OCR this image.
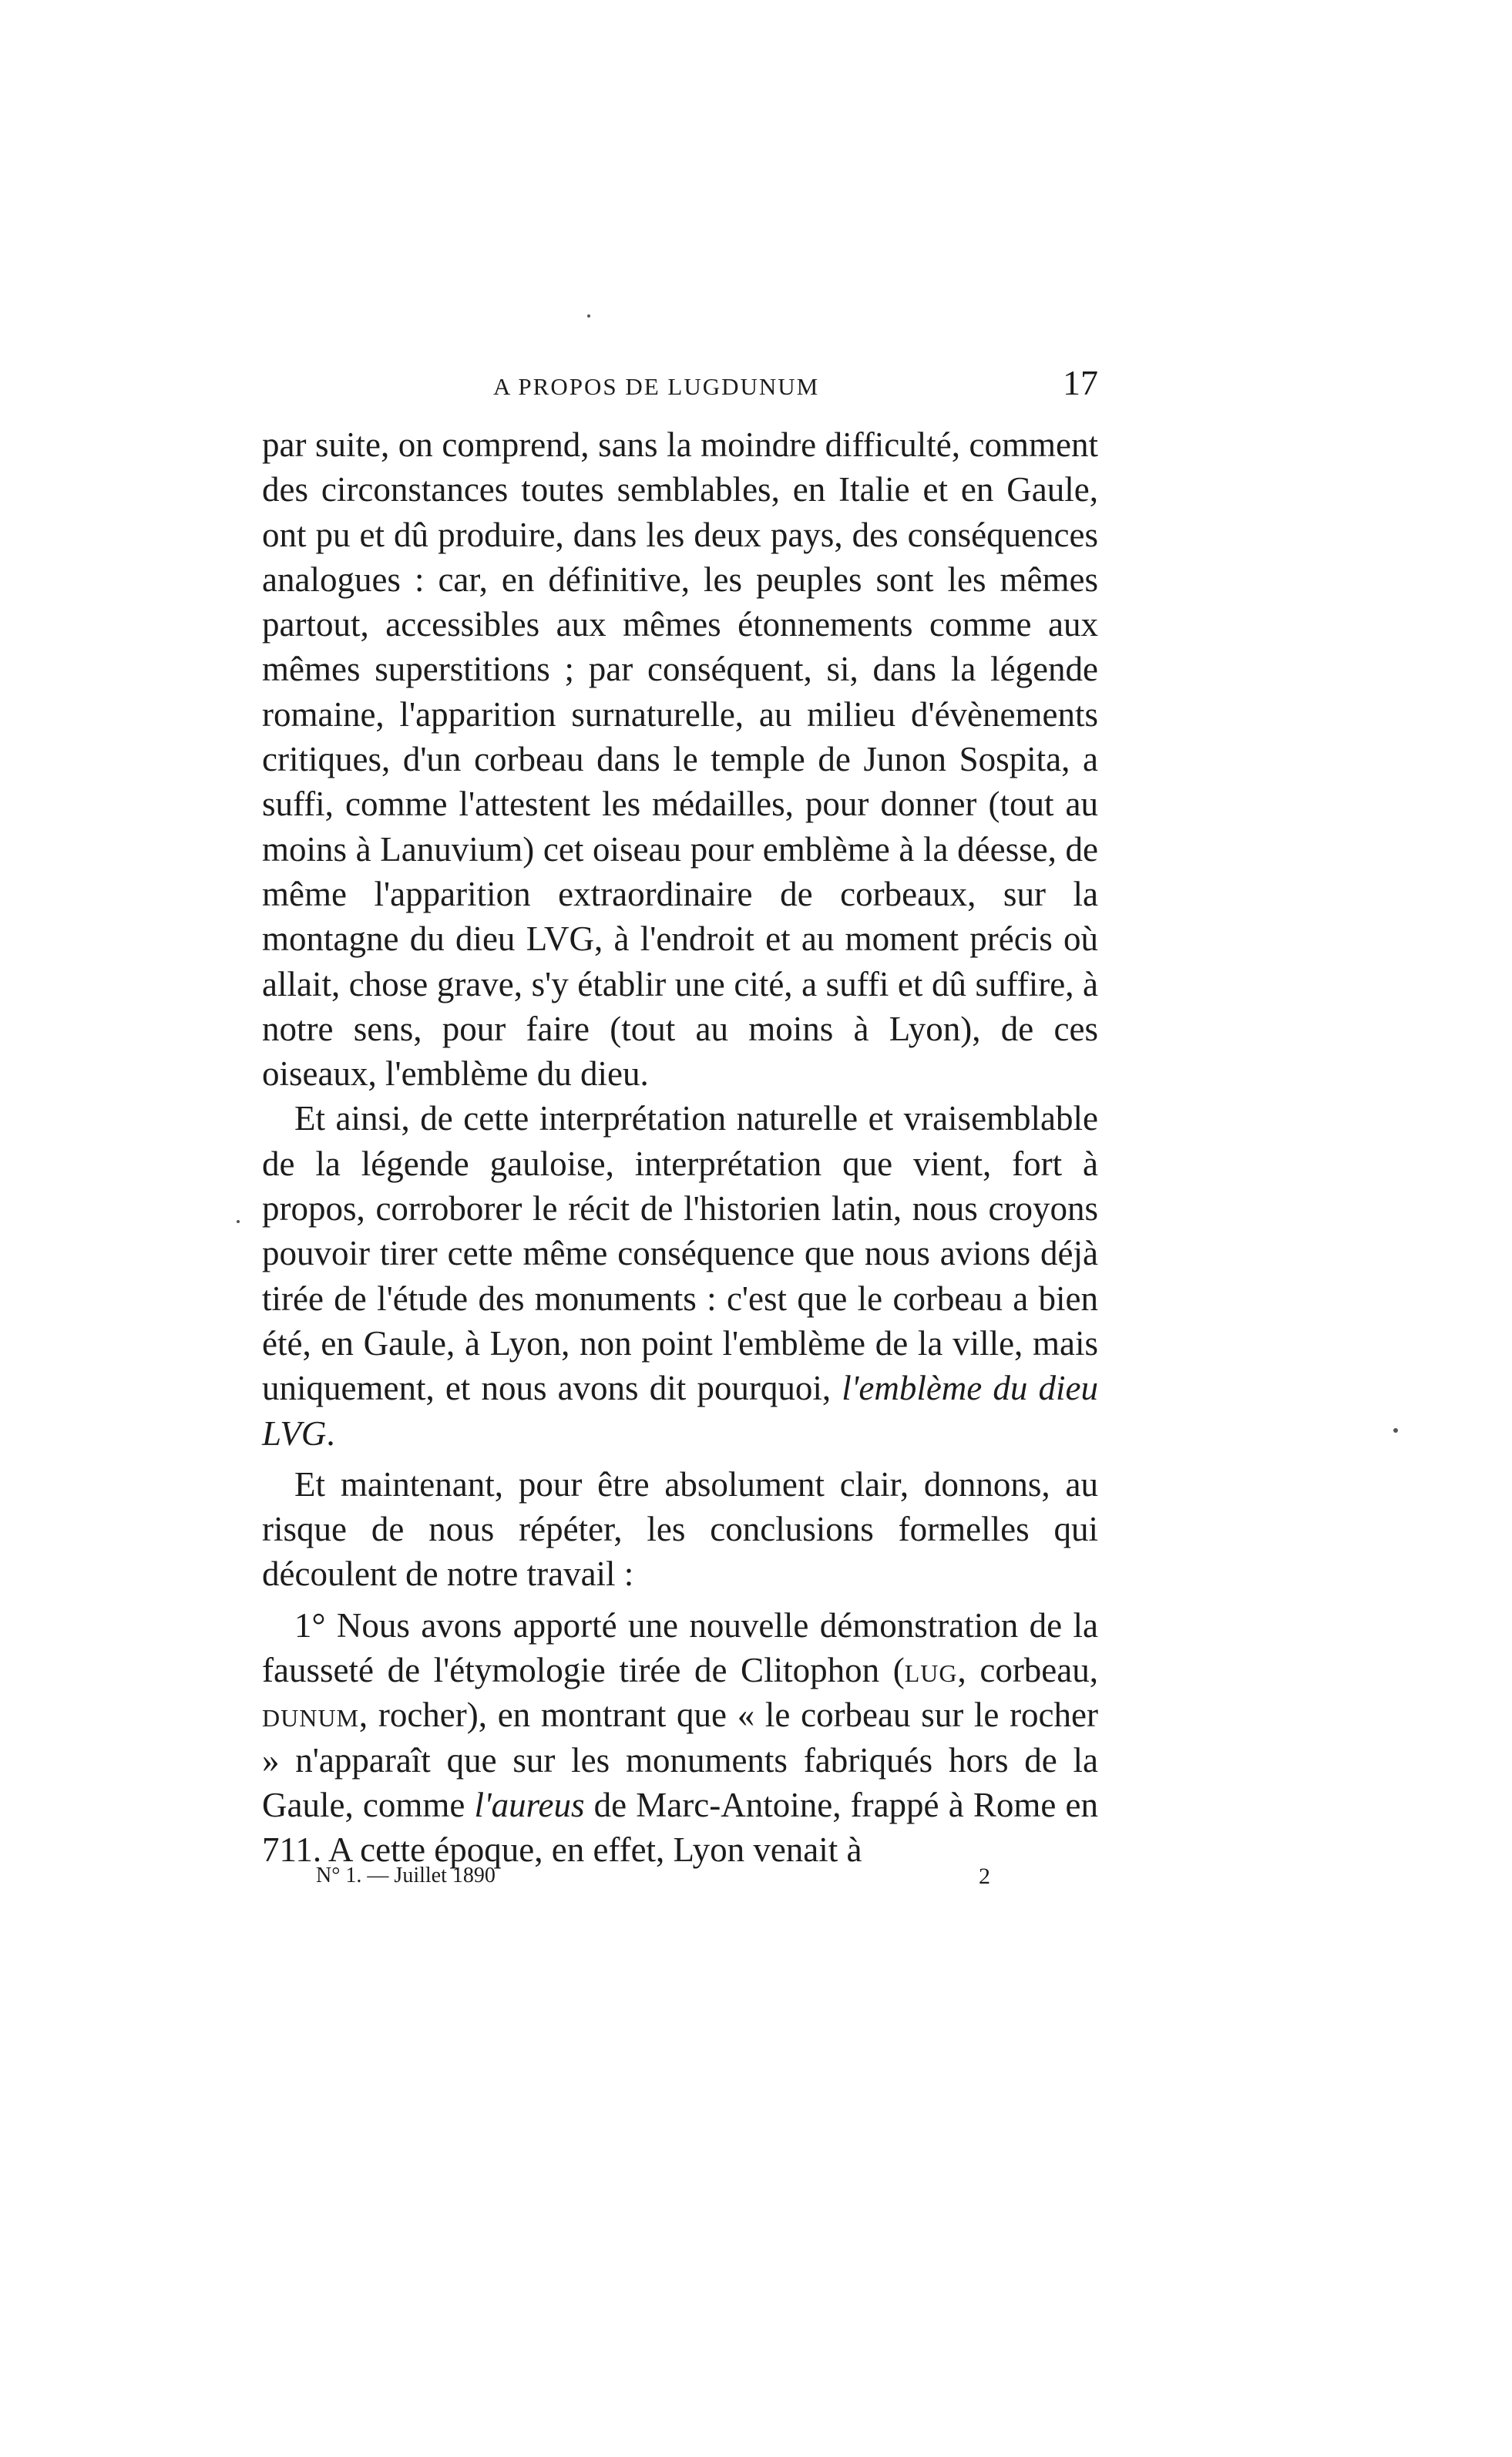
A PROPOS DE LUGDUNUM	17

par suite, on comprend, sans la moindre difficulté, comment des circonstances toutes semblables, en Italie et en Gaule, ont pu et dû produire, dans les deux pays, des conséquences analogues : car, en définitive, les peuples sont les mêmes partout, accessibles aux mêmes étonnements comme aux mêmes superstitions ; par conséquent, si, dans la légende romaine, l'apparition surnaturelle, au milieu d'évènements critiques, d'un corbeau dans le temple de Junon Sospita, a suffi, comme l'attestent les médailles, pour donner (tout au moins à Lanuvium) cet oiseau pour emblème à la déesse, de même l'apparition extraordinaire de corbeaux, sur la montagne du dieu LVG, à l'endroit et au moment précis où allait, chose grave, s'y établir une cité, a suffi et dû suffire, à notre sens, pour faire (tout au moins à Lyon), de ces oiseaux, l'emblème du dieu.

Et ainsi, de cette interprétation naturelle et vraisemblable de la légende gauloise, interprétation que vient, fort à propos, corroborer le récit de l'historien latin, nous croyons pouvoir tirer cette même conséquence que nous avions déjà tirée de l'étude des monuments : c'est que le corbeau a bien été, en Gaule, à Lyon, non point l'emblème de la ville, mais uniquement, et nous avons dit pourquoi, l'emblème du dieu LVG.

Et maintenant, pour être absolument clair, donnons, au risque de nous répéter, les conclusions formelles qui découlent de notre travail :

1° Nous avons apporté une nouvelle démonstration de la fausseté de l'étymologie tirée de Clitophon (lug, corbeau, dunum, rocher), en montrant que « le corbeau sur le rocher » n'apparaît que sur les monuments fabriqués hors de la Gaule, comme l'aureus de Marc-Antoine, frappé à Rome en 711. A cette époque, en effet, Lyon venait à

N° 1. — Juillet 1890	2
